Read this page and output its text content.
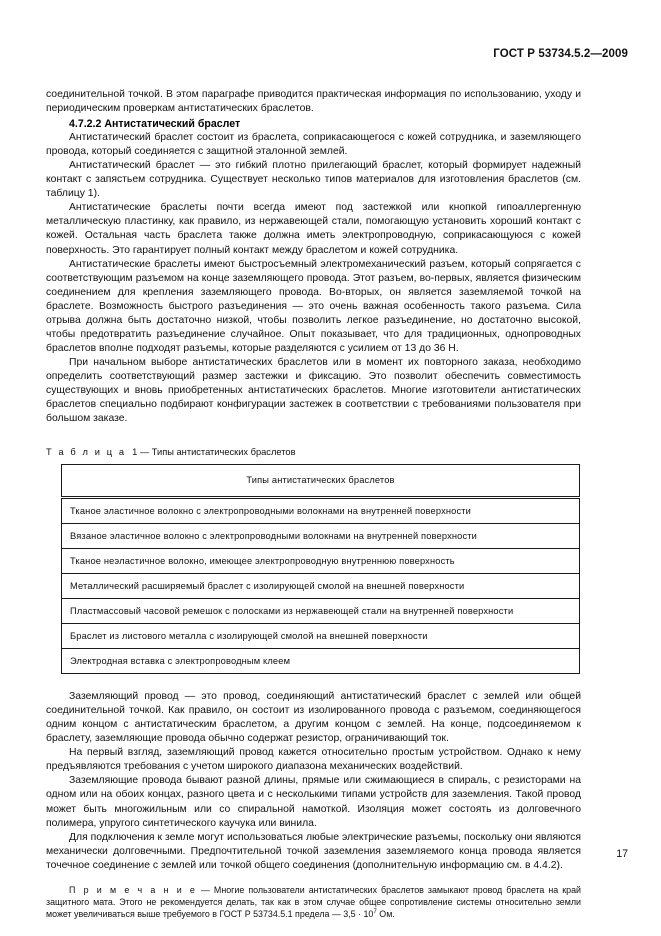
ГОСТ Р 53734.5.2—2009

соединительной точкой. В этом параграфе приводится практическая информация по использованию, уходу и периодическим проверкам антистатических браслетов.

4.7.2.2 Антистатический браслет

Антистатический браслет состоит из браслета, соприкасающегося с кожей сотрудника, и заземляющего провода, который соединяется с защитной эталонной землей.

Антистатический браслет — это гибкий плотно прилегающий браслет, который формирует надежный контакт с запястьем сотрудника. Существует несколько типов материалов для изготовления браслетов (см. таблицу 1).

Антистатические браслеты почти всегда имеют под застежкой или кнопкой гипоаллергенную металлическую пластинку, как правило, из нержавеющей стали, помогающую установить хороший контакт с кожей. Остальная часть браслета также должна иметь электропроводную, соприкасающуюся с кожей поверхность. Это гарантирует полный контакт между браслетом и кожей сотрудника.

Антистатические браслеты имеют быстросъемный электромеханический разъем, который сопрягается с соответствующим разъемом на конце заземляющего провода. Этот разъем, во-первых, является физическим соединением для крепления заземляющего провода. Во-вторых, он является заземляемой точкой на браслете. Возможность быстрого разъединения — это очень важная особенность такого разъема. Сила отрыва должна быть достаточно низкой, чтобы позволить легкое разъединение, но достаточно высокой, чтобы предотвратить разъединение случайное. Опыт показывает, что для традиционных, однопроводных браслетов вполне подходят разъемы, которые разделяются с усилием от 13 до 36 Н.

При начальном выборе антистатических браслетов или в момент их повторного заказа, необходимо определить соответствующий размер застежки и фиксацию. Это позволит обеспечить совместимость существующих и вновь приобретенных антистатических браслетов. Многие изготовители антистатических браслетов специально подбирают конфигурации застежек в соответствии с требованиями пользователя при большом заказе.

Т а б л и ц а 1 — Типы антистатических браслетов
Типы антистатических браслетов
Тканое эластичное волокно с электропроводными волокнами на внутренней поверхности
Вязаное эластичное волокно с электропроводными волокнами на внутренней поверхности
Тканое неэластичное волокно, имеющее электропроводную внутреннюю поверхность
Металлический расширяемый браслет с изолирующей смолой на внешней поверхности
Пластмассовый часовой ремешок с полосками из нержавеющей стали на внутренней поверхности
Браслет из листового металла с изолирующей смолой на внешней поверхности
Электродная вставка с электропроводным клеем

Заземляющий провод — это провод, соединяющий антистатический браслет с землей или общей соединительной точкой. Как правило, он состоит из изолированного провода с разъемом, соединяющегося одним концом с антистатическим браслетом, а другим концом с землей. На конце, подсоединяемом к браслету, заземляющие провода обычно содержат резистор, ограничивающий ток.

На первый взгляд, заземляющий провод кажется относительно простым устройством. Однако к нему предъявляются требования с учетом широкого диапазона механических воздействий.

Заземляющие провода бывают разной длины, прямые или сжимающиеся в спираль, с резисторами на одном или на обоих концах, разного цвета и с несколькими типами устройств для заземления. Такой провод может быть многожильным или со спиральной намоткой. Изоляция может состоять из долговечного полимера, упругого синтетического каучука или винила.

Для подключения к земле могут использоваться любые электрические разъемы, поскольку они являются механически долговечными. Предпочтительной точкой заземления заземляемого конца провода является точечное соединение с землей или точкой общего соединения (дополнительную информацию см. в 4.4.2).

П р и м е ч а н и е — Многие пользователи антистатических браслетов замыкают провод браслета на край защитного мата. Этого не рекомендуется делать, так как в этом случае общее сопротивление системы относительно земли может увеличиваться выше требуемого в ГОСТ Р 53734.5.1 предела — $3,5 \cdot 10^7$ Ом.

17
